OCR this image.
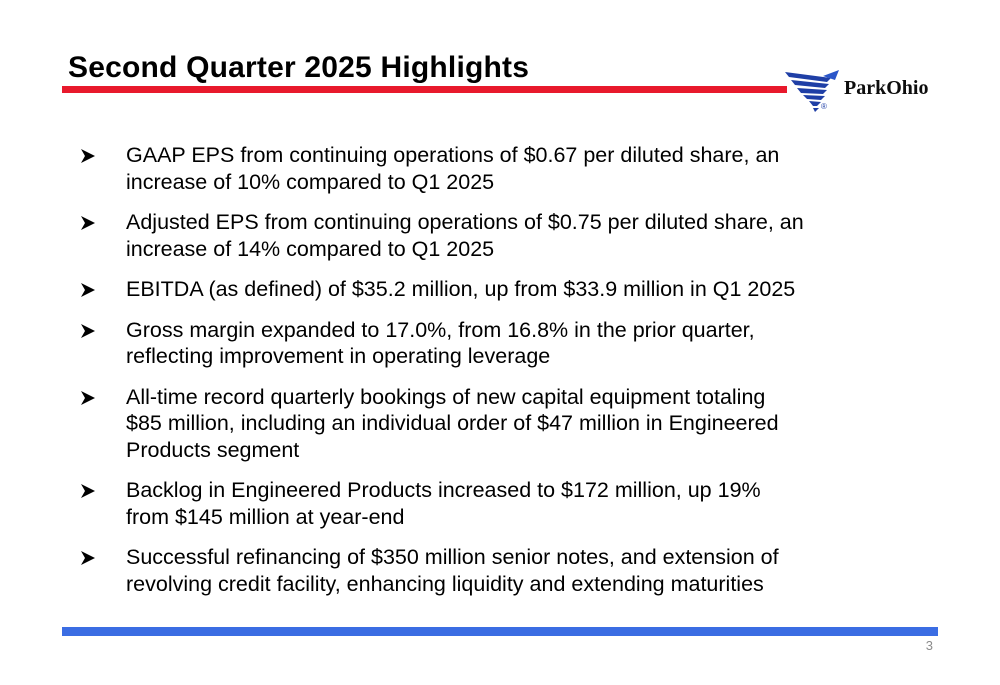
Second Quarter 2025 Highlights
®
ParkOhio
GAAP EPS from continuing operations of $0.67 per diluted share, an
increase of 10% compared to Q1 2025
Adjusted EPS from continuing operations of $0.75 per diluted share, an
increase of 14% compared to Q1 2025
EBITDA (as defined) of $35.2 million, up from $33.9 million in Q1 2025
Gross margin expanded to 17.0%, from 16.8% in the prior quarter,
reflecting improvement in operating leverage
All-time record quarterly bookings of new capital equipment totaling
$85 million, including an individual order of $47 million in Engineered
Products segment
Backlog in Engineered Products increased to $172 million, up 19%
from $145 million at year-end
Successful refinancing of $350 million senior notes, and extension of
revolving credit facility, enhancing liquidity and extending maturities
3
